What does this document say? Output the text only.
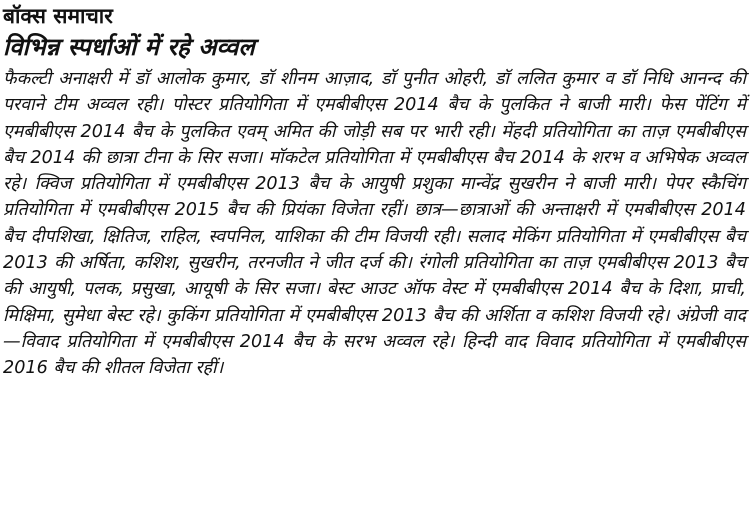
बॉक्स समाचार

विभिन्न स्पर्धाओं में रहे अव्वल

फैकल्टी अनाक्षरी में डॉ आलोक कुमार, डॉ शीनम आज़ाद, डॉ पुनीत ओहरी, डॉ ललित कुमार व डॉ निधि आनन्द की परवाने टीम अव्वल रही। पोस्टर प्रतियोगिता में एमबीबीएस 2014 बैच के पुलकित ने बाजी मारी। फेस पेंटिंग में एमबीबीएस 2014 बैच के पुलकित एवम् अमित की जोड़ी सब पर भारी रही। मेंहदी प्रतियोगिता का ताज़ एमबीबीएस बैच 2014 की छात्रा टीना के सिर सजा। मॉकटेल प्रतियोगिता में एमबीबीएस बैच 2014 के शरभ व अभिषेक अव्वल रहे। क्विज प्रतियोगिता में एमबीबीएस 2013 बैच के आयुषी प्रशुका मान्वेंद्र सुखरीन ने बाजी मारी। पेपर स्कैचिंग प्रतियोगिता में एमबीबीएस 2015 बैच की प्रियंका विजेता रहीं। छात्र—छात्राओं की अन्ताक्षरी में एमबीबीएस 2014 बैच दीपशिखा, क्षितिज, राहिल, स्वपनिल, याशिका की टीम विजयी रही। सलाद मेकिंग प्रतियोगिता में एमबीबीएस बैच 2013 की अर्षिता, कशिश, सुखरीन, तरनजीत ने जीत दर्ज की। रंगोली प्रतियोगिता का ताज़ एमबीबीएस 2013 बैच की आयुषी, पलक, प्रसुखा, आयूषी के सिर सजा। बेस्ट आउट ऑफ वेस्ट में एमबीबीएस 2014 बैच के दिशा, प्राची, मिक्षिमा, सुमेधा बेस्ट रहे। कुकिंग प्रतियोगिता में एमबीबीएस 2013 बैच की अर्शिता व कशिश विजयी रहे। अंग्रेजी वाद—विवाद प्रतियोगिता में एमबीबीएस 2014 बैच के सरभ अव्वल रहे। हिन्दी वाद विवाद प्रतियोगिता में एमबीबीएस 2016 बैच की शीतल विजेता रहीं।
